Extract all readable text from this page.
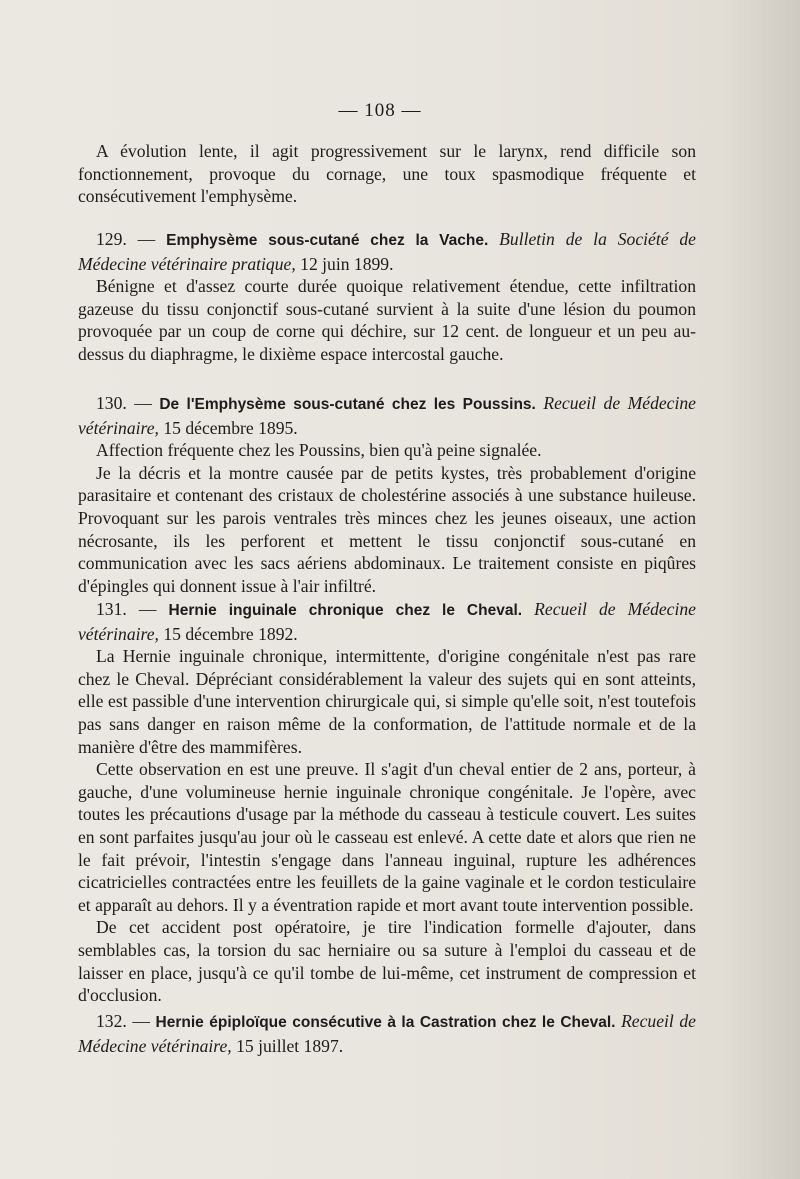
— 108 —

A évolution lente, il agit progressivement sur le larynx, rend difficile son fonctionnement, provoque du cornage, une toux spasmodique fréquente et consécutivement l'emphysème.

129. — Emphysème sous-cutané chez la Vache. Bulletin de la Société de Médecine vétérinaire pratique, 12 juin 1899.

Bénigne et d'assez courte durée quoique relativement étendue, cette infiltration gazeuse du tissu conjonctif sous-cutané survient à la suite d'une lésion du poumon provoquée par un coup de corne qui déchire, sur 12 cent. de longueur et un peu au-dessus du diaphragme, le dixième espace intercostal gauche.

130. — De l'Emphysème sous-cutané chez les Poussins. Recueil de Médecine vétérinaire, 15 décembre 1895.

Affection fréquente chez les Poussins, bien qu'à peine signalée.

Je la décris et la montre causée par de petits kystes, très probablement d'origine parasitaire et contenant des cristaux de cholestérine associés à une substance huileuse. Provoquant sur les parois ventrales très minces chez les jeunes oiseaux, une action nécrosante, ils les perforent et mettent le tissu conjonctif sous-cutané en communication avec les sacs aériens abdominaux. Le traitement consiste en piqûres d'épingles qui donnent issue à l'air infiltré.

131. — Hernie inguinale chronique chez le Cheval. Recueil de Médecine vétérinaire, 15 décembre 1892.

La Hernie inguinale chronique, intermittente, d'origine congénitale n'est pas rare chez le Cheval. Dépréciant considérablement la valeur des sujets qui en sont atteints, elle est passible d'une intervention chirurgicale qui, si simple qu'elle soit, n'est toutefois pas sans danger en raison même de la conformation, de l'attitude normale et de la manière d'être des mammifères.

Cette observation en est une preuve. Il s'agit d'un cheval entier de 2 ans, porteur, à gauche, d'une volumineuse hernie inguinale chronique congénitale. Je l'opère, avec toutes les précautions d'usage par la méthode du casseau à testicule couvert. Les suites en sont parfaites jusqu'au jour où le casseau est enlevé. A cette date et alors que rien ne le fait prévoir, l'intestin s'engage dans l'anneau inguinal, rupture les adhérences cicatricielles contractées entre les feuillets de la gaine vaginale et le cordon testiculaire et apparaît au dehors. Il y a éventration rapide et mort avant toute intervention possible.

De cet accident post opératoire, je tire l'indication formelle d'ajouter, dans semblables cas, la torsion du sac herniaire ou sa suture à l'emploi du casseau et de laisser en place, jusqu'à ce qu'il tombe de lui-même, cet instrument de compression et d'occlusion.

132. — Hernie épiploïque consécutive à la Castration chez le Cheval. Recueil de Médecine vétérinaire, 15 juillet 1897.
